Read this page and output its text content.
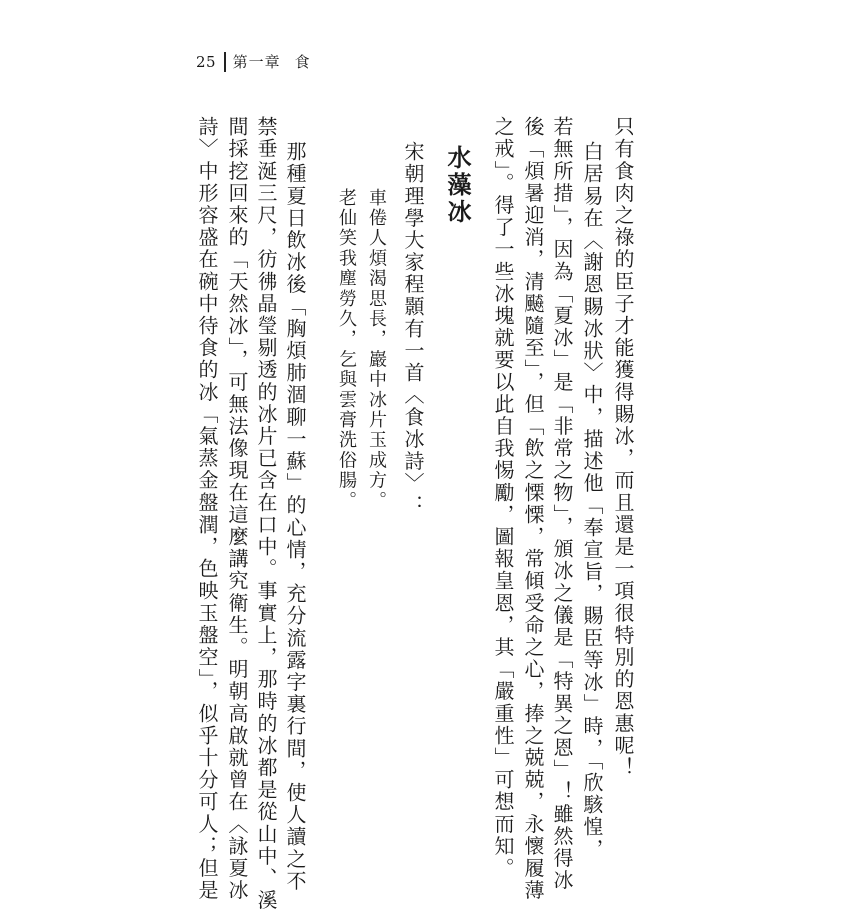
25 第一章 食
只有食肉之祿的臣子才能獲得賜冰，而且還是一項很特別的恩惠呢！
白居易在〈謝恩賜冰狀〉中，描述他「奉宣旨，賜臣等冰」時，「欣駭惶，
若無所措」，因為「夏冰」是「非常之物」，頒冰之儀是「特異之恩」！雖然得冰
後「煩暑迎消，清飇隨至」，但「飲之慄慄，常傾受命之心，捧之兢兢，永懷履薄
之戒」。得了一些冰塊就要以此自我惕勵，圖報皇恩，其「嚴重性」可想而知。
水藻冰
宋朝理學大家程顥有一首〈食冰詩〉：
車倦人煩渴思長，巖中冰片玉成方。
老仙笑我塵勞久，乞與雲膏洗俗腸。
那種夏日飲冰後「胸煩肺涸聊一蘇」的心情，充分流露字裏行間，使人讀之不
禁垂涎三尺，彷彿晶瑩剔透的冰片已含在口中。事實上，那時的冰都是從山中、溪
間採挖回來的「天然冰」，可無法像現在這麼講究衛生。明朝高啟就曾在〈詠夏冰
詩〉中形容盛在碗中待食的冰「氣蒸金盤潤，色映玉盤空」，似乎十分可人；但是
